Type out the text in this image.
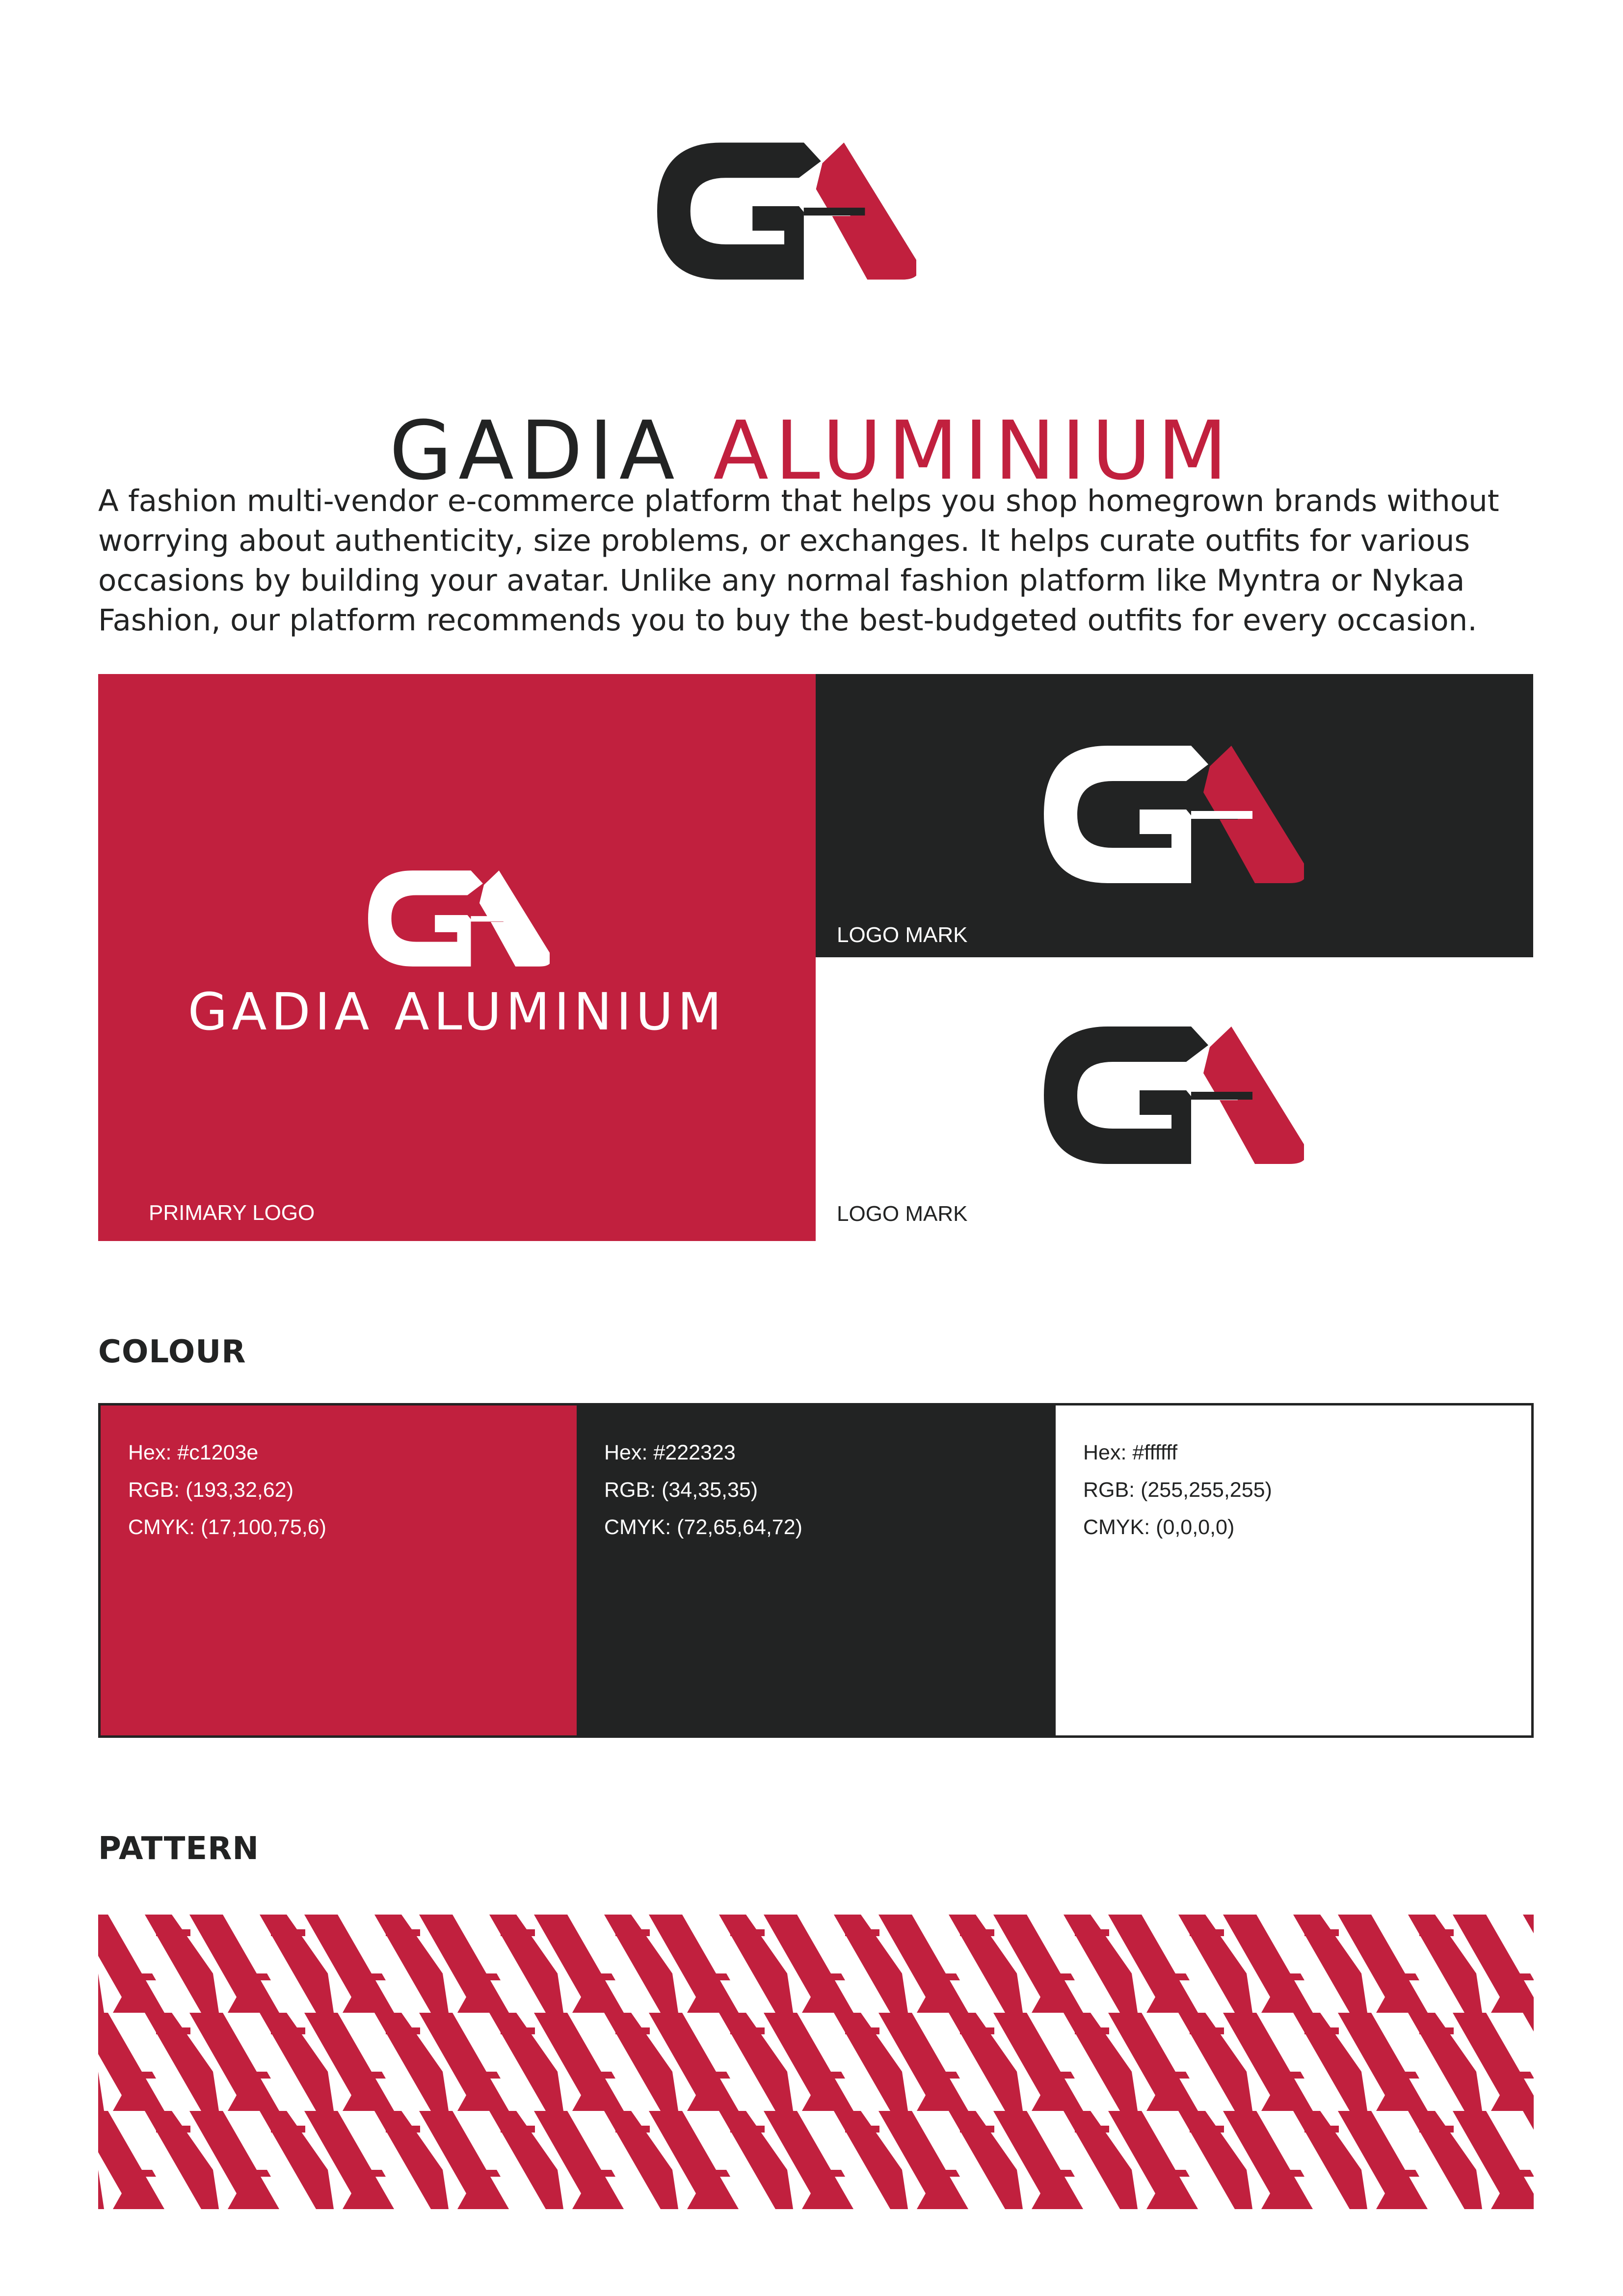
GADIA ALUMINIUM

A fashion multi-vendor e-commerce platform that helps you shop homegrown brands without
worrying about authenticity, size problems, or exchanges. It helps curate outfits for various
occasions by building your avatar. Unlike any normal fashion platform like Myntra or Nykaa
Fashion, our platform recommends you to buy the best-budgeted outfits for every occasion.

GADIA ALUMINIUM
PRIMARY LOGO
LOGO MARK
LOGO MARK
COLOUR
Hex: #c1203e
RGB: (193,32,62)
CMYK: (17,100,75,6)
Hex: #222323
RGB: (34,35,35)
CMYK: (72,65,64,72)
Hex: #ffffff
RGB: (255,255,255)
CMYK: (0,0,0,0)
PATTERN
